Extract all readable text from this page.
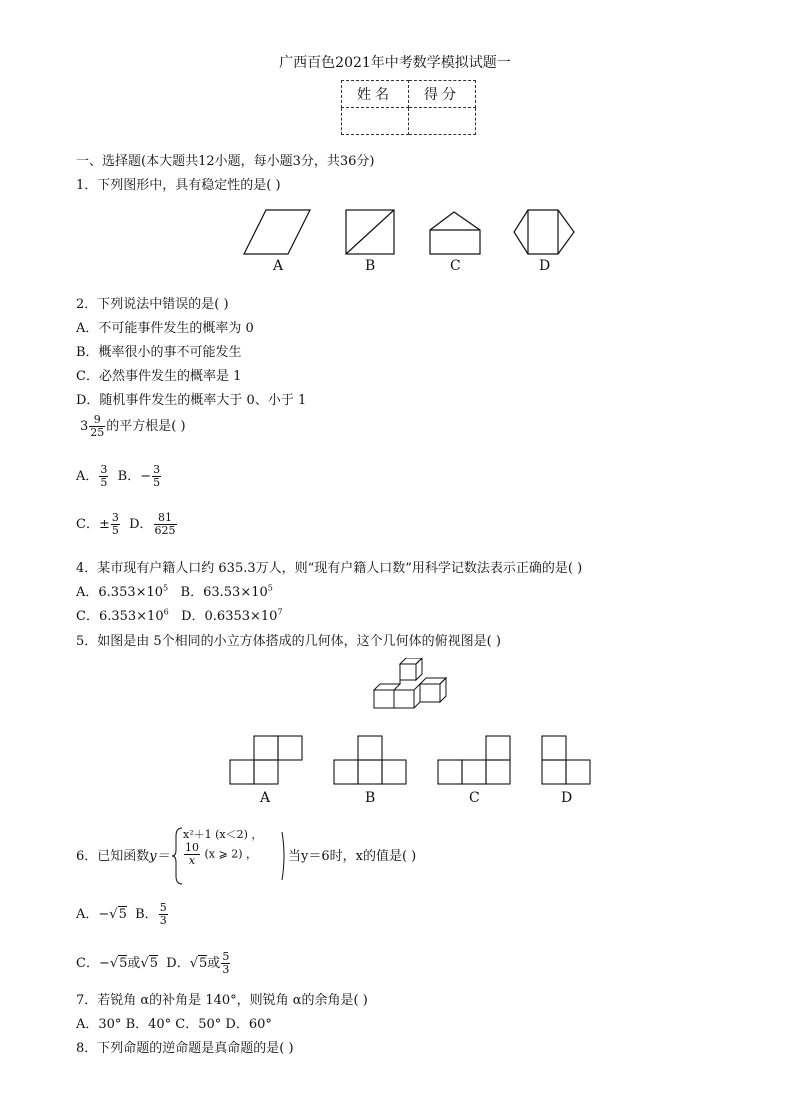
广西百色2021年中考数学模拟试题一
姓名	得分

一、选择题(本大题共12小题，每小题3分，共36分)
1．下列图形中，具有稳定性的是( )
A	B	C	D
2．下列说法中错误的是( )
A．不可能事件发生的概率为 0
B．概率很小的事不可能发生
C．必然事件发生的概率是 1
D．随机事件发生的概率大于 0、小于 1
$3 \frac{9}{25}$ 的平方根是( )
A． $\frac{3}{5}$ B．− $\frac{3}{5}$
C．± $\frac{3}{5}$ D． $\frac{81}{625}$
4．某市现有户籍人口约 635.3万人，则“现有户籍人口数”用科学记数法表示正确的是( )
A．$6.353\times 10^5$ B．$63.53\times 10^5$
C．$6.353\times 10^6$ D．$0.6353\times 10^7$
5．如图是由 5个相同的小立方体搭成的几何体，这个几何体的俯视图是( )
A	B	C	D
6．已知函数y＝
x²＋1 (x＜2) ，
$\frac{10}{x} (x$ ⩾ 2) ， 当y＝6时，x的值是( )
A．−√5 B． $\frac{5}{3}$
C．−√5或√5 D．√5或 $\frac{5}{3}$
7．若锐角 α的补角是 140°，则锐角 α的余角是( )
A．30° B．40° C．50° D．60°
8．下列命题的逆命题是真命题的是( )
